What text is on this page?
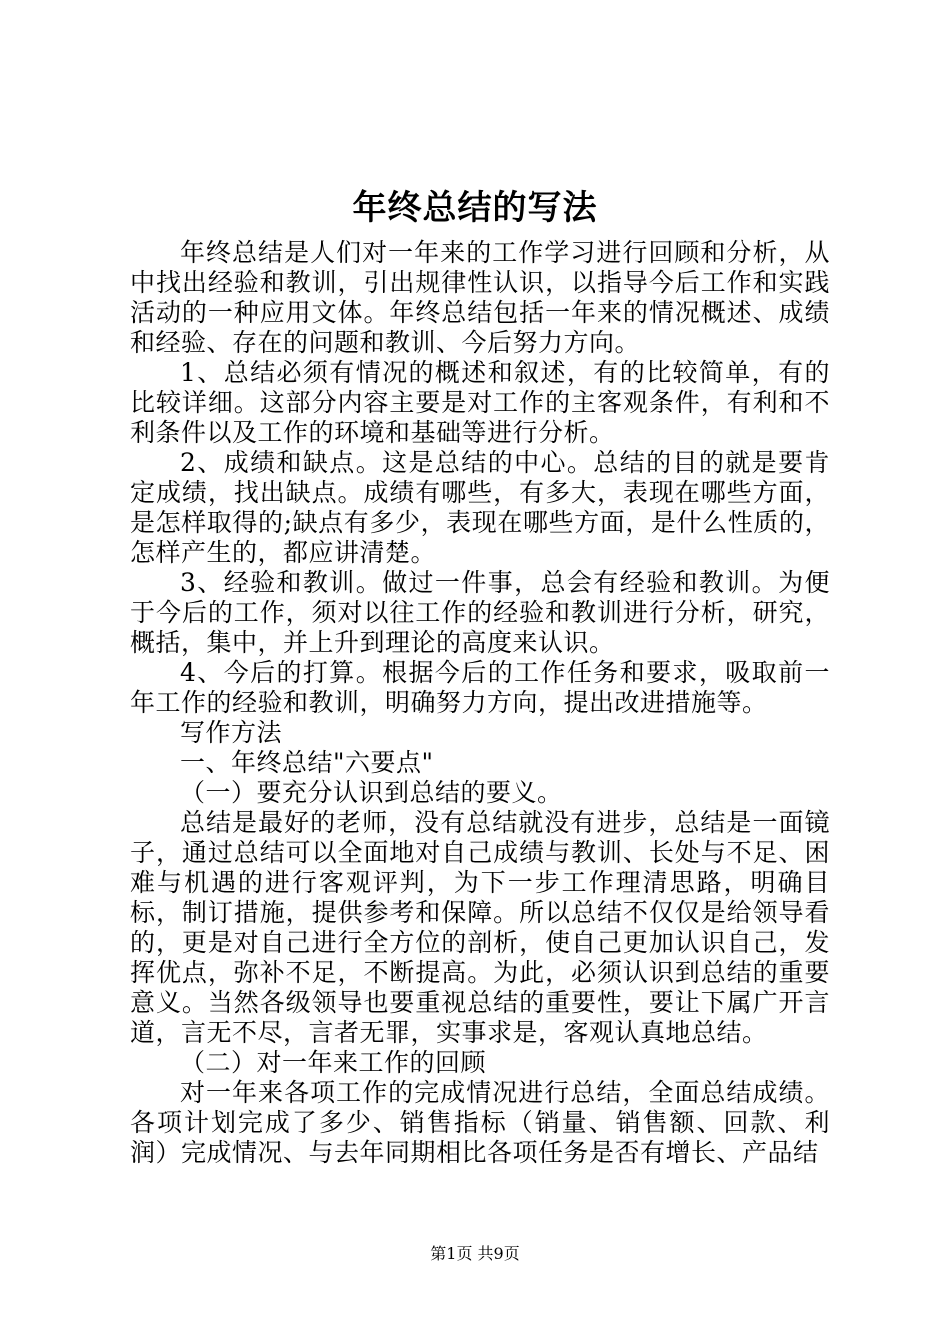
年终总结的写法

年终总结是人们对一年来的工作学习进行回顾和分析，从中找出经验和教训，引出规律性认识，以指导今后工作和实践活动的一种应用文体。年终总结包括一年来的情况概述、成绩和经验、存在的问题和教训、今后努力方向。

1、总结必须有情况的概述和叙述，有的比较简单，有的比较详细。这部分内容主要是对工作的主客观条件，有利和不利条件以及工作的环境和基础等进行分析。

2、成绩和缺点。这是总结的中心。总结的目的就是要肯定成绩，找出缺点。成绩有哪些，有多大，表现在哪些方面，是怎样取得的;缺点有多少，表现在哪些方面，是什么性质的，怎样产生的，都应讲清楚。

3、经验和教训。做过一件事，总会有经验和教训。为便于今后的工作，须对以往工作的经验和教训进行分析，研究，概括，集中，并上升到理论的高度来认识。

4、今后的打算。根据今后的工作任务和要求，吸取前一年工作的经验和教训，明确努力方向，提出改进措施等。

写作方法

一、年终总结"六要点"

（一）要充分认识到总结的要义。

总结是最好的老师，没有总结就没有进步，总结是一面镜子，通过总结可以全面地对自己成绩与教训、长处与不足、困难与机遇的进行客观评判，为下一步工作理清思路，明确目标，制订措施，提供参考和保障。所以总结不仅仅是给领导看的，更是对自己进行全方位的剖析，使自己更加认识自己，发挥优点，弥补不足，不断提高。为此，必须认识到总结的重要意义。当然各级领导也要重视总结的重要性，要让下属广开言道，言无不尽，言者无罪，实事求是，客观认真地总结。

（二）对一年来工作的回顾

对一年来各项工作的完成情况进行总结，全面总结成绩。各项计划完成了多少、销售指标（销量、销售额、回款、利润）完成情况、与去年同期相比各项任务是否有增长、产品结

第1页 共9页
